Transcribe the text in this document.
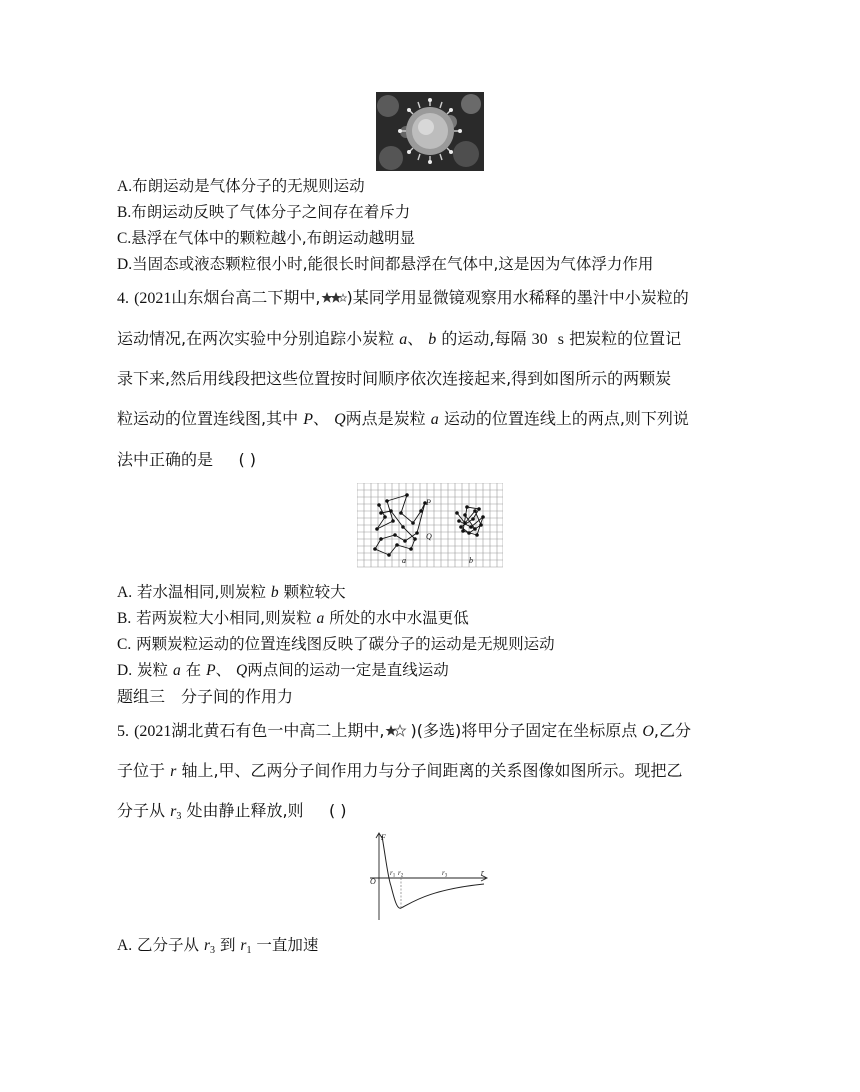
A.布朗运动是气体分子的无规则运动
B.布朗运动反映了气体分子之间存在着斥力
C.悬浮在气体中的颗粒越小,布朗运动越明显
D.当固态或液态颗粒很小时,能很长时间都悬浮在气体中,这是因为气体浮力作用
4. (2021山东烟台高二下期中, )某同学用显微镜观察用水稀释的墨汁中小炭粒的
运动情况,在两次实验中分别追踪小炭粒 a、 b 的运动,每隔 30 s 把炭粒的位置记
录下来,然后用线段把这些位置按时间顺序依次连接起来,得到如图所示的两颗炭
粒运动的位置连线图,其中 P、 Q两点是炭粒 a 运动的位置连线上的两点,则下列说
法中正确的是 ( )
P
Q
a	b
A. 若水温相同,则炭粒 b 颗粒较大
B. 若两炭粒大小相同,则炭粒 a 所处的水中水温更低
C. 两颗炭粒运动的位置连线图反映了碳分子的运动是无规则运动
D. 炭粒 a 在 P、 Q两点间的运动一定是直线运动
题组三　分子间的作用力
5. (2021湖北黄石有色一中高二上期中, )(多选)将甲分子固定在坐标原点 O,乙分
子位于 r 轴上,甲、乙两分子间作用力与分子间距离的关系图像如图所示。现把乙
分子从 $r_3$ 处由静止释放,则 ( )
F
O
r
$r_1$ $r_2$	$r_3$
A. 乙分子从 $r_3$ 到 $r_1$ 一直加速
